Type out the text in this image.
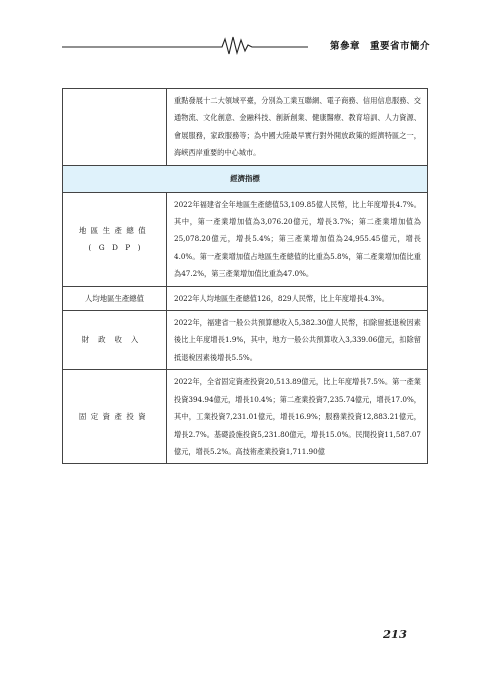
第參章　重要省市簡介
	重點發展十二大領域平臺，分別為工業互聯網、電子商務、信用信息服務、交通物流、文化創意、金融科技、創新創業、健康醫療、教育培訓、人力資源、會展服務，家政服務等；為中國大陸最早實行對外開放政策的經濟特區之一，海峽西岸重要的中心城市。
經濟指標	

地區生產總值
(　G　D　P　)	2022年福建省全年地區生產總值53,109.85億人民幣，比上年度增長4.7%。其中，第一產業增加值為3,076.20億元，增長3.7%；第二產業增加值為25,078.20億元，增長5.4%；第三產業增加值為24,955.45億元，增長4.0%。第一產業增加值占地區生產總值的比重為5.8%，第二產業增加值比重為47.2%，第三產業增加值比重為47.0%。
人均地區生產總值	2022年人均地區生產總值126，829人民幣，比上年度增長4.3%。
財政收入	2022年，福建省一般公共預算總收入5,382.30億人民幣，扣除留抵退稅因素後比上年度增長1.9%，其中，地方一般公共預算收入3,339.06億元，扣除留抵退稅因素後增長5.5%。
固定資產投資	2022年，全省固定資產投資20,513.89億元，比上年度增長7.5%。第一產業投資394.94億元，增長10.4%；第二產業投資7,235.74億元，增長17.0%，其中，工業投資7,231.01億元，增長16.9%；服務業投資12,883.21億元，增長2.7%。基礎設施投資5,231.80億元，增長15.0%。民間投資11,587.07億元，增長5.2%。高技術產業投資1,711.90億
213
